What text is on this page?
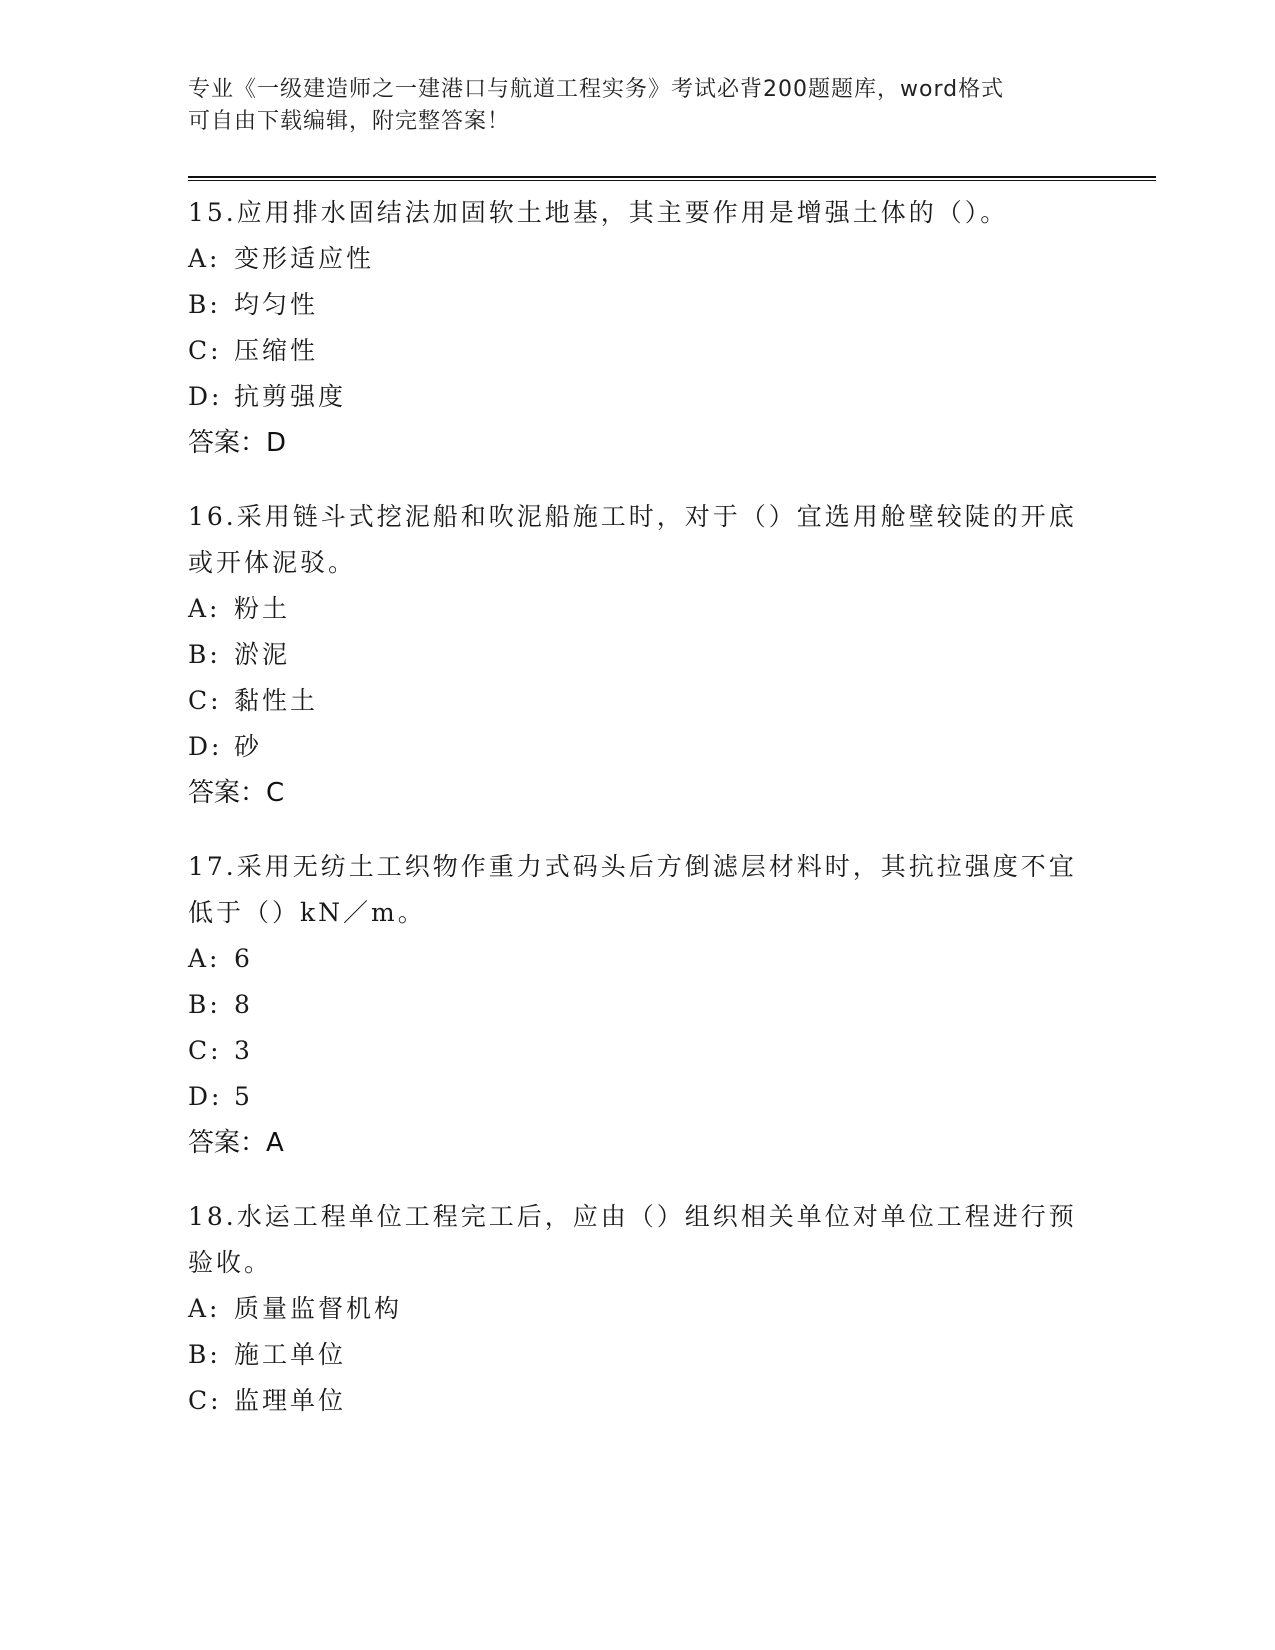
专业《一级建造师之一建港口与航道工程实务》考试必背200题题库，word格式
可自由下载编辑，附完整答案！

15.应用排水固结法加固软土地基，其主要作用是增强土体的（）。

A: 变形适应性
B: 均匀性
C: 压缩性
D: 抗剪强度

答案：D

16.采用链斗式挖泥船和吹泥船施工时，对于（）宜选用舱壁较陡的开底或开体泥驳。

A: 粉土
B: 淤泥
C: 黏性土
D: 砂

答案：C

17.采用无纺土工织物作重力式码头后方倒滤层材料时，其抗拉强度不宜低于（）kN／m。

A: 6
B: 8
C: 3
D: 5

答案：A

18.水运工程单位工程完工后，应由（）组织相关单位对单位工程进行预验收。

A: 质量监督机构
B: 施工单位
C: 监理单位
